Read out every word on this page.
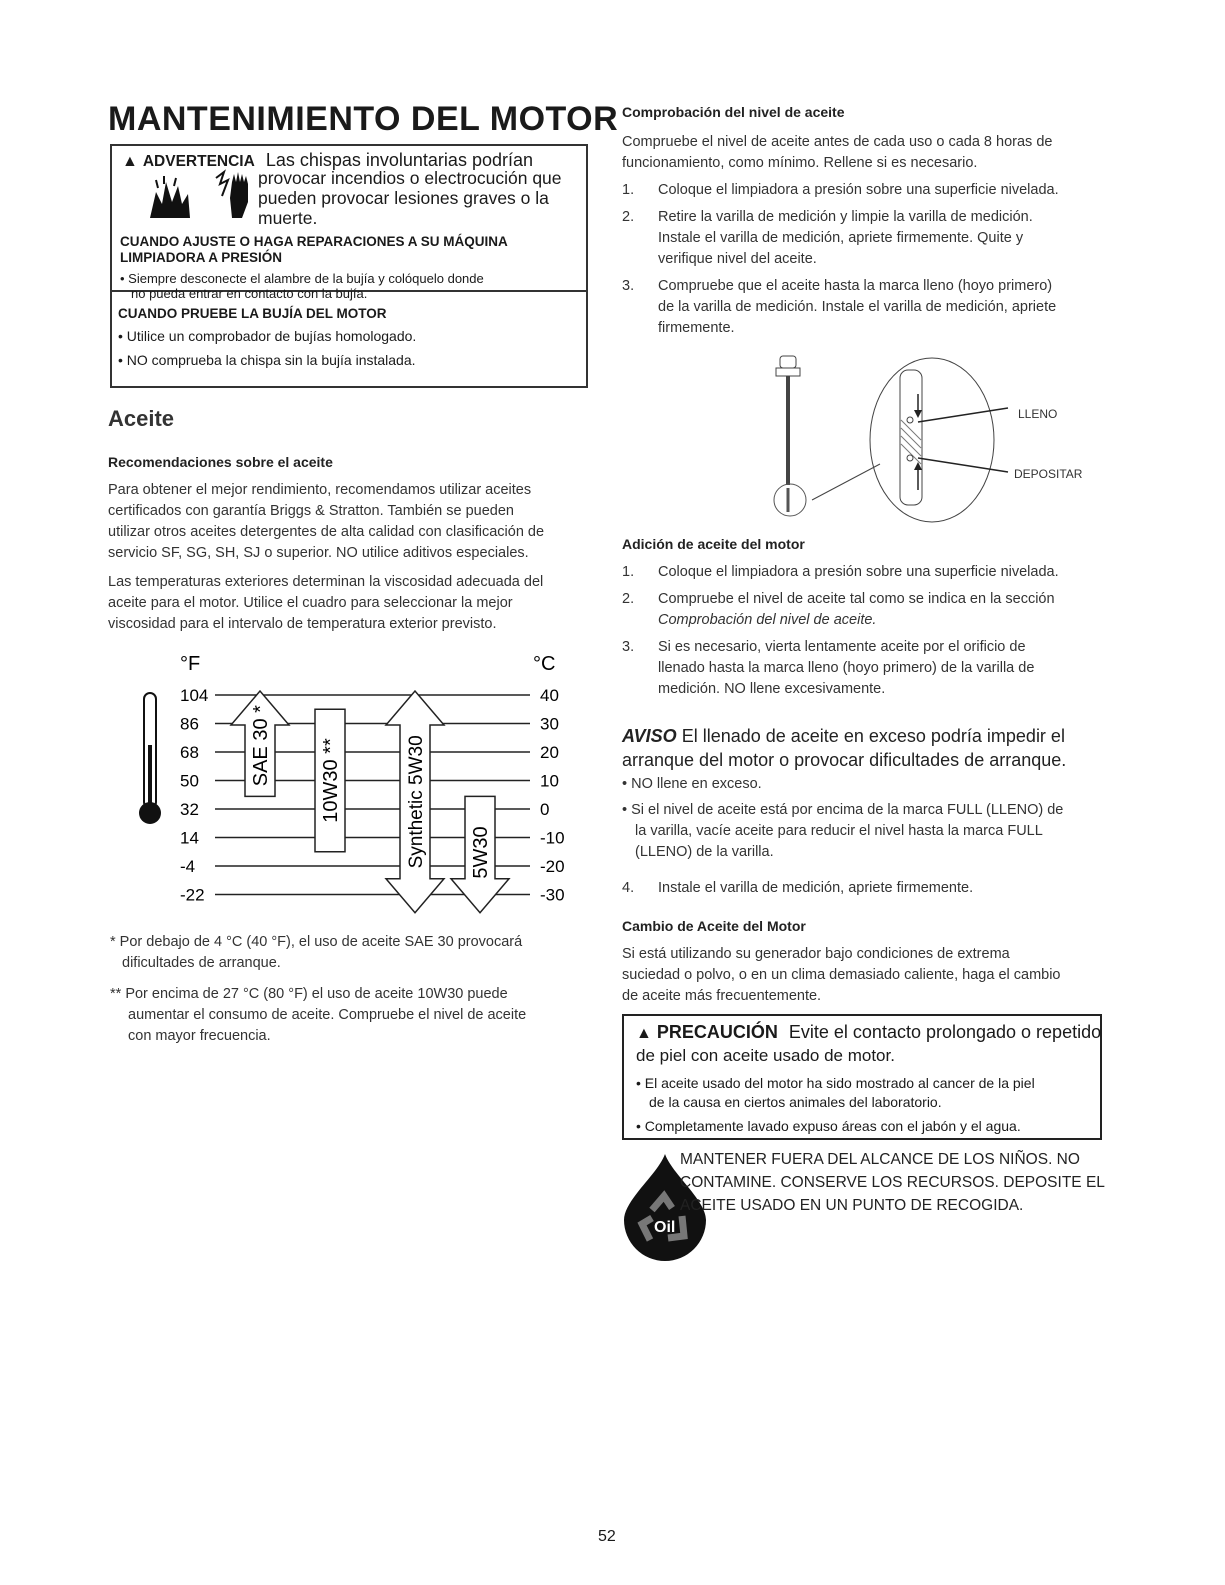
MANTENIMIENTO DEL MOTOR
▲ ADVERTENCIA Las chispas involuntarias podrían
provocar incendios o electrocución que
pueden provocar lesiones graves o la
muerte.
CUANDO AJUSTE O HAGA REPARACIONES A SU MÁQUINA
LIMPIADORA A PRESIÓN
• Siempre desconecte el alambre de la bujía y colóquelo donde
no pueda entrar en contacto con la bujía.
CUANDO PRUEBE LA BUJÍA DEL MOTOR
• Utilice un comprobador de bujías homologado.
• NO comprueba la chispa sin la bujía instalada.
Aceite
Recomendaciones sobre el aceite
Para obtener el mejor rendimiento, recomendamos utilizar aceites
certificados con garantía Briggs & Stratton. También se pueden
utilizar otros aceites detergentes de alta calidad con clasificación de
servicio SF, SG, SH, SJ o superior. NO utilice aditivos especiales.
Las temperaturas exteriores determinan la viscosidad adecuada del
aceite para el motor. Utilice el cuadro para seleccionar la mejor
viscosidad para el intervalo de temperatura exterior previsto.
°F	°C
SAE 30 * 10W30 **	Synthetic 5W30 5W30
104	40
86	30
68	20
50	10
32	0
14	-10
-4	-20
-22	-30
* Por debajo de 4 °C (40 °F), el uso de aceite SAE 30 provocará
dificultades de arranque.
** Por encima de 27 °C (80 °F) el uso de aceite 10W30 puede
aumentar el consumo de aceite. Compruebe el nivel de aceite
con mayor frecuencia.
Comprobación del nivel de aceite
Compruebe el nivel de aceite antes de cada uso o cada 8 horas de
funcionamiento, como mínimo. Rellene si es necesario.
1. Coloque el limpiadora a presión sobre una superficie nivelada.
2. Retire la varilla de medición y limpie la varilla de medición.
Instale el varilla de medición, apriete firmemente. Quite y
verifique nivel del aceite.
3. Compruebe que el aceite hasta la marca lleno (hoyo primero)
de la varilla de medición. Instale el varilla de medición, apriete
firmemente.
LLENO
DEPOSITAR
Adición de aceite del motor
1. Coloque el limpiadora a presión sobre una superficie nivelada.
2. Compruebe el nivel de aceite tal como se indica en la sección
Comprobación del nivel de aceite.
3. Si es necesario, vierta lentamente aceite por el orificio de
llenado hasta la marca lleno (hoyo primero) de la varilla de
medición. NO llene excesivamente.
AVISO El llenado de aceite en exceso podría impedir el
arranque del motor o provocar dificultades de arranque.
• NO llene en exceso.
• Si el nivel de aceite está por encima de la marca FULL (LLENO) de
la varilla, vacíe aceite para reducir el nivel hasta la marca FULL
(LLENO) de la varilla.
4. Instale el varilla de medición, apriete firmemente.
Cambio de Aceite del Motor
Si está utilizando su generador bajo condiciones de extrema
suciedad o polvo, o en un clima demasiado caliente, haga el cambio
de aceite más frecuentemente.
▲ PRECAUCIÓN Evite el contacto prolongado o repetido
de piel con aceite usado de motor.
• El aceite usado del motor ha sido mostrado al cancer de la piel
de la causa en ciertos animales del laboratorio.
• Completamente lavado expuso áreas con el jabón y el agua.
Oil
MANTENER FUERA DEL ALCANCE DE LOS NIÑOS. NO
CONTAMINE. CONSERVE LOS RECURSOS. DEPOSITE EL
ACEITE USADO EN UN PUNTO DE RECOGIDA.
52
